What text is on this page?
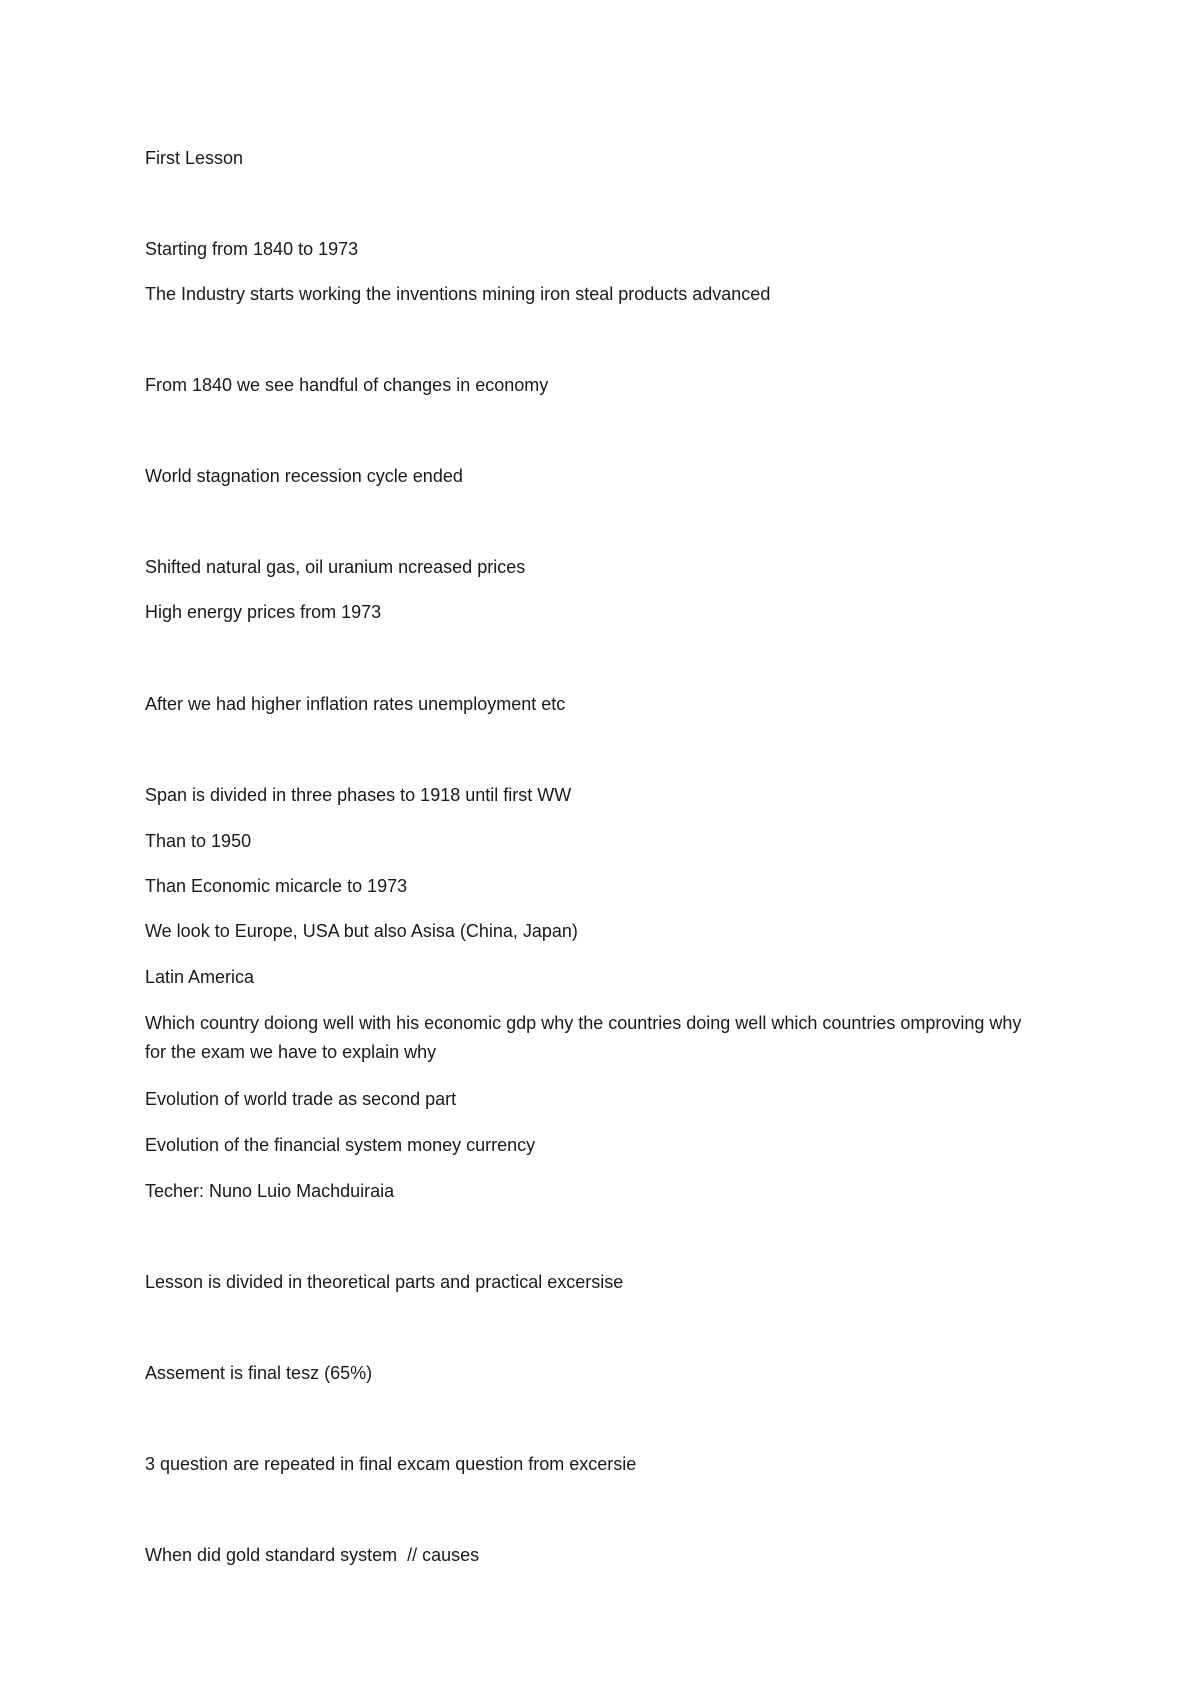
First Lesson
Starting from 1840 to 1973
The Industry starts working the inventions mining iron steal products advanced
From 1840 we see handful of changes in economy
World stagnation recession cycle ended
Shifted natural gas, oil uranium ncreased prices
High energy prices from 1973
After we had higher inflation rates unemployment etc
Span is divided in three phases to 1918 until first WW
Than to 1950
Than Economic micarcle to 1973
We look to Europe, USA but also Asisa (China, Japan)
Latin America
Which country doiong well with his economic gdp why the countries doing well which countries omproving why for the exam we have to explain why
Evolution of world trade as second part
Evolution of the financial system money currency
Techer: Nuno Luio Machduiraia
Lesson is divided in theoretical parts and practical excersise
Assement is final tesz (65%)
3 question are repeated in final excam question from excersie
When did gold standard system  // causes
